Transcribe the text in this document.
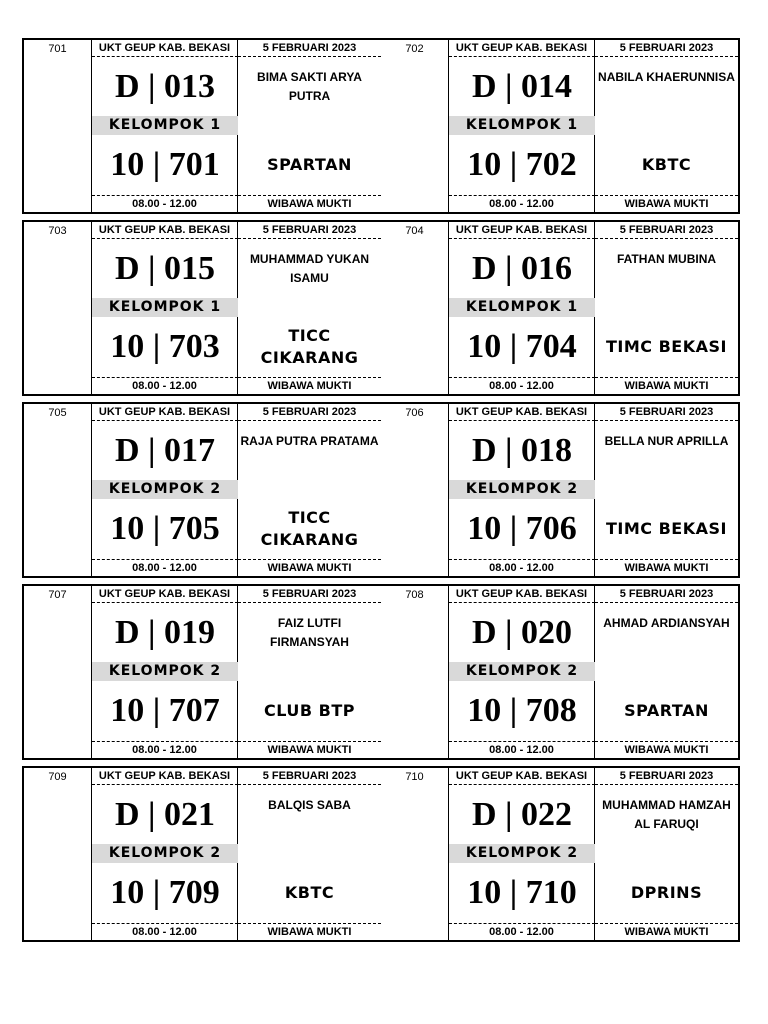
701	UKT GEUP KAB. BEKASI	5 FEBRUARI 2023
D | 013
KELOMPOK 1
10 | 701
BIMA SAKTI ARYA PUTRA
SPARTAN
08.00 - 12.00	WIBAWA MUKTI
702	UKT GEUP KAB. BEKASI	5 FEBRUARI 2023
D | 014
KELOMPOK 1
10 | 702
NABILA KHAERUNNISA
KBTC
08.00 - 12.00	WIBAWA MUKTI
703	UKT GEUP KAB. BEKASI	5 FEBRUARI 2023
D | 015
KELOMPOK 1
10 | 703
MUHAMMAD YUKAN ISAMU
TICC CIKARANG
08.00 - 12.00	WIBAWA MUKTI
704	UKT GEUP KAB. BEKASI	5 FEBRUARI 2023
D | 016
KELOMPOK 1
10 | 704
FATHAN MUBINA
TIMC BEKASI
08.00 - 12.00	WIBAWA MUKTI
705	UKT GEUP KAB. BEKASI	5 FEBRUARI 2023
D | 017
KELOMPOK 2
10 | 705
RAJA PUTRA PRATAMA
TICC CIKARANG
08.00 - 12.00	WIBAWA MUKTI
706	UKT GEUP KAB. BEKASI	5 FEBRUARI 2023
D | 018
KELOMPOK 2
10 | 706
BELLA NUR APRILLA
TIMC BEKASI
08.00 - 12.00	WIBAWA MUKTI
707	UKT GEUP KAB. BEKASI	5 FEBRUARI 2023
D | 019
KELOMPOK 2
10 | 707
FAIZ LUTFI FIRMANSYAH
CLUB BTP
08.00 - 12.00	WIBAWA MUKTI
708	UKT GEUP KAB. BEKASI	5 FEBRUARI 2023
D | 020
KELOMPOK 2
10 | 708
AHMAD ARDIANSYAH
SPARTAN
08.00 - 12.00	WIBAWA MUKTI
709	UKT GEUP KAB. BEKASI	5 FEBRUARI 2023
D | 021
KELOMPOK 2
10 | 709
BALQIS SABA
KBTC
08.00 - 12.00	WIBAWA MUKTI
710	UKT GEUP KAB. BEKASI	5 FEBRUARI 2023
D | 022
KELOMPOK 2
10 | 710
MUHAMMAD HAMZAH AL FARUQI
DPRINS
08.00 - 12.00	WIBAWA MUKTI
